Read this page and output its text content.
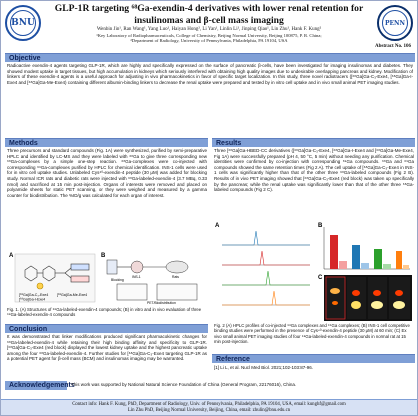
BNU	PENN
GLP-1R targeting ⁶⁸Ga-exendin-4 derivatives with lower renal retention for
insulinomas and β-cell mass imaging
Wenbin Jin¹, Ran Wang¹, Yang Luo¹, Haiyan Hong², Li Yan¹, Linlin Li¹, Jinping Qiao¹, Lin Zhu¹, Hank F. Kung²
¹Key Laboratory of Radiopharmaceuticals, College of Chemistry, Beijing Normal University, Beijing 100875, P. R. China;
²Department of Radiology, University of Pennsylvania, Philadelphia, PA 19104, USA
Abstract No. 106
Objective
Radioactive exendin-4 agents targeting GLP-1R, which are highly and specifically expressed on the surface of pancreatic β-cells, have been investigated for imaging insulinomas and diabetes. They showed modest uptake in target tissues, but high accumulation in kidneys which seriously interfered with obtaining high quality images due to undesirable overlapping pancreas and kidney. Modification of linkers of these exendin-4 agents is a useful approach for adjusting in vivo pharmacokinetics in favor of specific target localization. In this study, three novel radiotracers ([⁶⁸Ga]Ga-C₃-Exe4, [⁶⁸Ga]Ga-I-Exe4 and [⁶⁸Ga]Ga-Me-Exe4) containing different albumin-binding linkers to decrease the renal uptake were prepared and tested by in vitro cell uptake and in vivo small animal PET imaging studies.
Methods
Three precursors and standard compounds (Fig. 1A) were synthesized, purified by semi-preparative HPLC and identified by LC-MS and they were labeled with ⁶⁸Ga to give three corresponding new ⁶⁸Ga-complexes by a simple one-step reaction. ⁶⁸Ga-complexes were co-injected with corresponding ⁶⁹Ga-complexes purified by HPLC for chemical identification. INS-1 cells were used for in vitro cell uptake studies. Unlabeled Cys⁴⁰-exendin-4 peptide (30 μM) was added for blocking study. Normal ICR rats and diabetic rats were injected with ⁶⁸Ga-labeled-exendin-4 (3.7 MBq, 0.33 nmol) and sacrificed at 15 min post-injection. Organs of interests were removed and placed on polyamide sheets for static PET scanning, or they were weighed and measured by a gamma counter for biodistribution. The %ID/g was calculated for each organ of interest.
A
[⁶⁸Ga]Ga-C₃-Exe4
[⁶⁸Ga]Ga-I-Exe4
[⁶⁸Ga]Ga-Me-Exe4
B
Blocking
INS-1	Rats
PET/Biodistribution
Fig. 1. (A) Structures of ⁶⁸Ga-labeled-exendin-4 compounds; (B) in vitro and in vivo evaluation of three ⁶⁸Ga-labeled-exendin-4 compounds
Conclusion
It was demonstrated that linker modifications produced significant pharmacokinetic changes for ⁶⁸Ga-labeled-exendin-4 while retaining their high binding affinity and specificity to GLP-1R. [⁶⁸Ga]Ga-C₃-Exe4 (red block) displayed the lowest kidney uptake and the highest pancreatic uptake among the four ⁶⁸Ga-labeled-exendin-4. Further studies for [⁶⁸Ga]Ga-C₃-Exe4 targeting GLP-1R as a potential PET agent for β-cell mass (BCM) and insulinomas imaging may be warranted.
Results
Three [⁶⁸Ga]Ga-HBED-CC derivatives ([⁶⁸Ga]Ga-C₃-Exe4, [⁶⁸Ga]Ga-I-Exe4 and [⁶⁸Ga]Ga-Me-Exe4, Fig 1A) were successfully prepared (pH 4, 50 °C, 5 min) without needing any purification. Chemical identities were confirmed by co-injection with corresponding ⁶⁹Ga compounds. ⁶⁸Ga and ⁶⁹Ga compounds showed the same retention times (Fig 2 A). The cell uptake of [⁶⁸Ga]Ga-C₃-Exe4 in INS-1 cells was significantly higher than that of the other three ⁶⁸Ga-labeled compounds (Fig 2 B). Results of in vivo PET imaging showed that [⁶⁸Ga]Ga-C₃-Exe4 (red block) was taken up specifically by the pancreas; while the renal uptake was significantly lower than that of the other three ⁶⁸Ga-labeled compounds (Fig 2 C).
A	B
C
Fig. 2 (A) HPLC profiles of co-injected ⁶⁸Ga complexes and ⁶⁹Ga complexes; (B) INS-1 cell competitive binding studies were performed in the presence of Cys⁴⁰-exendin-4 peptide (30 μM) at 60 min; (C) Ex vivo small animal PET imaging studies of four ⁶⁸Ga-labeled-exendin-4 compounds in normal rat at 15 min post-injection.
Reference
[1] Li L, et al. Nucl Med Biol. 2021;102-103:87-96.
Acknowledgements
This work was supported by National Natural Science Foundation of China (General Program, 22176016), China.
Contact info: Hank F. Kung, PhD, Department of Radiology, Univ. of Pennsylvania, Philadelphia, PA 19104, USA, email: kunghf@gmail.com
Lin Zhu PhD, Beijing Normal University, Beijing, China, email: zhulin@bnu.edu.cn
